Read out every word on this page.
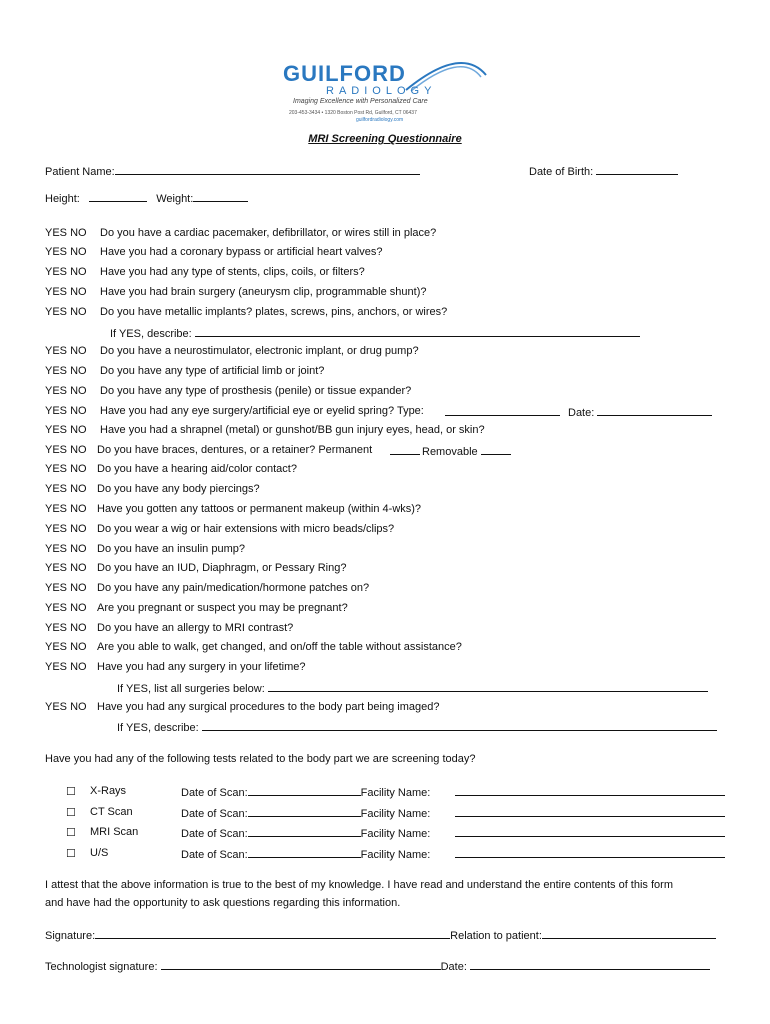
GUILFORD
RADIOLOGY
Imaging Excellence with Personalized Care
203-453-3434 • 1320 Boston Post Rd, Guilford, CT 06437
guilfordradiology.com
MRI Screening Questionnaire
Patient Name:	Date of Birth:
Height:	Weight:
YES NO Do you have a cardiac pacemaker, defibrillator, or wires still in place?
YES NO Have you had a coronary bypass or artificial heart valves?
YES NO Have you had any type of stents, clips, coils, or filters?
YES NO Have you had brain surgery (aneurysm clip, programmable shunt)?
YES NO Do you have metallic implants? plates, screws, pins, anchors, or wires?
YES NO Do you have a neurostimulator, electronic implant, or drug pump?
YES NO Do you have any type of artificial limb or joint?
YES NO Do you have any type of prosthesis (penile) or tissue expander?
YES NO Have you had any eye surgery/artificial eye or eyelid spring? Type:
YES NO Have you had a shrapnel (metal) or gunshot/BB gun injury eyes, head, or skin?
YES NO Do you have braces, dentures, or a retainer? Permanent
YES NO Do you have a hearing aid/color contact?
YES NO Do you have any body piercings?
YES NO Have you gotten any tattoos or permanent makeup (within 4-wks)?
YES NO Do you wear a wig or hair extensions with micro beads/clips?
YES NO Do you have an insulin pump?
YES NO Do you have an IUD, Diaphragm, or Pessary Ring?
YES NO Do you have any pain/medication/hormone patches on?
YES NO Are you pregnant or suspect you may be pregnant?
YES NO Do you have an allergy to MRI contrast?
YES NO Are you able to walk, get changed, and on/off the table without assistance?
YES NO Have you had any surgery in your lifetime?
YES NO Have you had any surgical procedures to the body part being imaged?
Date:
Removable
If YES, describe:
If YES, list all surgeries below:
If YES, describe:
Have you had any of the following tests related to the body part we are screening today?
☐ X-Rays	Date of Scan:	Facility Name:
☐ CT Scan	Date of Scan:	Facility Name:
☐ MRI Scan	Date of Scan:	Facility Name:
☐ U/S	Date of Scan:	Facility Name:
I attest that the above information is true to the best of my knowledge. I have read and understand the entire contents of this form
and have had the opportunity to ask questions regarding this information.
Signature:	Relation to patient:
Technologist signature:	Date:
